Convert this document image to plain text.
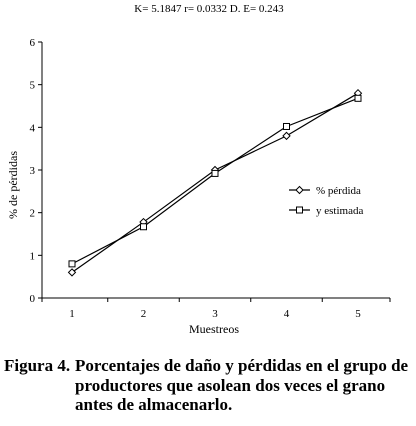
K= 5.1847 r= 0.0332 D. E= 0.243
0
1
2
3
4
5
6
1	2	3	4	5
% pérdida
y estimada
Muestreos
% de pérdidas
Figura 4. Porcentajes de daño y pérdidas en el grupo de productores que asolean dos veces el grano antes de almacenarlo.
